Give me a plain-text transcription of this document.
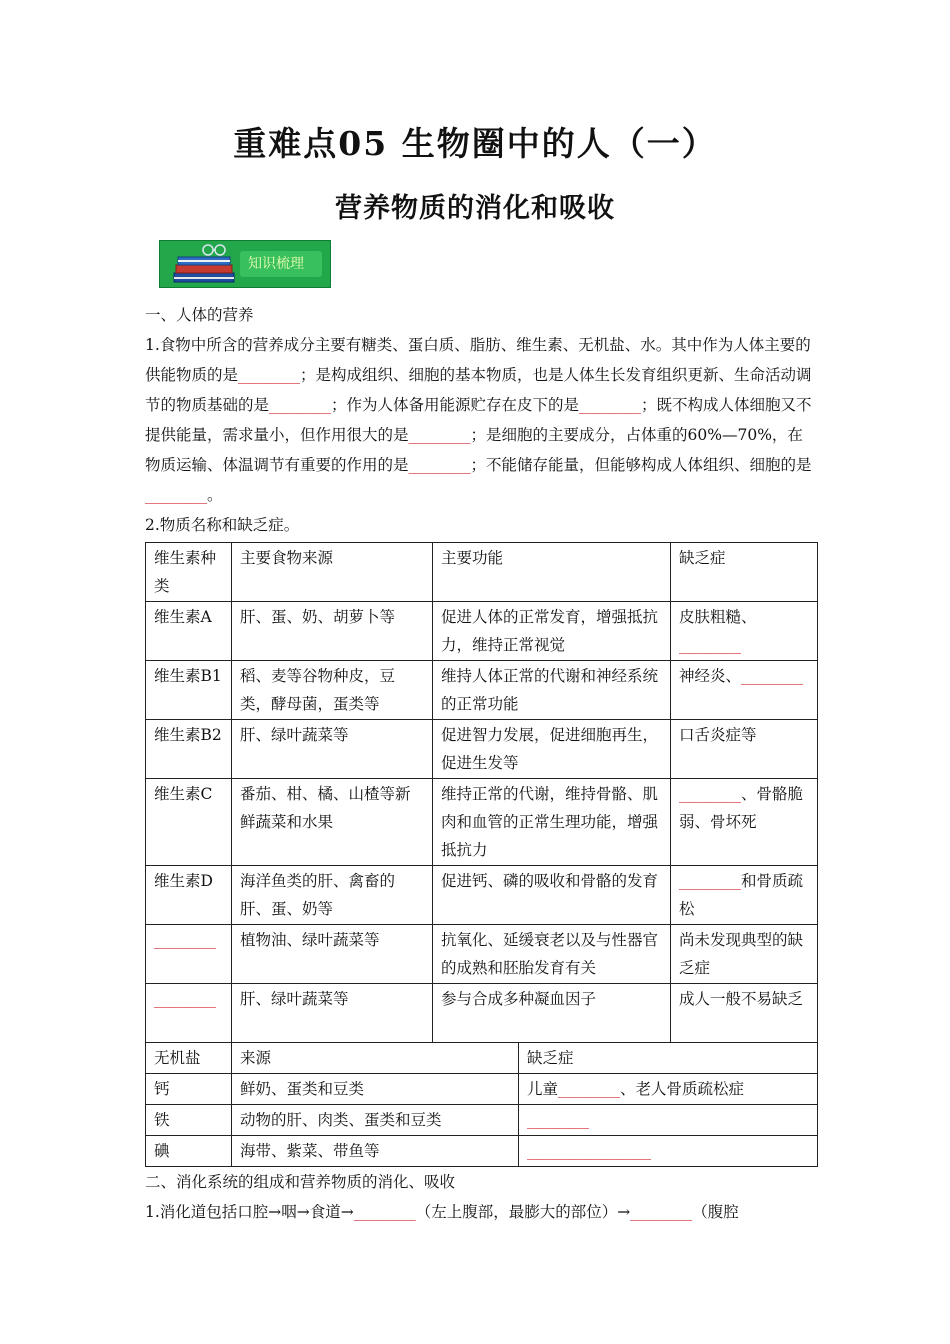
重难点05 生物圈中的人（一）
营养物质的消化和吸收
知识梳理

一、人体的营养

1.食物中所含的营养成分主要有糖类、蛋白质、脂肪、维生素、无机盐、水。其中作为人体主要的供能物质的是________；是构成组织、细胞的基本物质，也是人体生长发育组织更新、生命活动调节的物质基础的是________；作为人体备用能源贮存在皮下的是________；既不构成人体细胞又不提供能量，需求量小，但作用很大的是________；是细胞的主要成分，占体重的60%—70%，在物质运输、体温调节有重要的作用的是________；不能储存能量，但能够构成人体组织、细胞的是________。

2.物质名称和缺乏症。

维生素种类	主要食物来源	主要功能		缺乏症
维生素A	肝、蛋、奶、胡萝卜等	促进人体的正常发育，增强抵抗力，维持正常视觉		皮肤粗糙、________
维生素B1	稻、麦等谷物种皮，豆类，酵母菌，蛋类等	维持人体正常的代谢和神经系统的正常功能		神经炎、________
维生素B2	肝、绿叶蔬菜等	促进智力发展，促进细胞再生，促进生发等		口舌炎症等
维生素C	番茄、柑、橘、山楂等新鲜蔬菜和水果	维持正常的代谢，维持骨骼、肌肉和血管的正常生理功能，增强抵抗力		________、骨骼脆弱、骨坏死
维生素D	海洋鱼类的肝、禽畜的肝、蛋、奶等	促进钙、磷的吸收和骨骼的发育		________和骨质疏松
________	植物油、绿叶蔬菜等	抗氧化、延缓衰老以及与性器官的成熟和胚胎发育有关		尚未发现典型的缺乏症
________	肝、绿叶蔬菜等	参与合成多种凝血因子		成人一般不易缺乏
无机盐	来源		缺乏症	
钙	鲜奶、蛋类和豆类		儿童________、老人骨质疏松症	
铁	动物的肝、肉类、蛋类和豆类		________	
碘	海带、紫菜、带鱼等		________________	

二、消化系统的组成和营养物质的消化、吸收

1.消化道包括口腔→咽→食道→________（左上腹部，最膨大的部位）→________（腹腔
